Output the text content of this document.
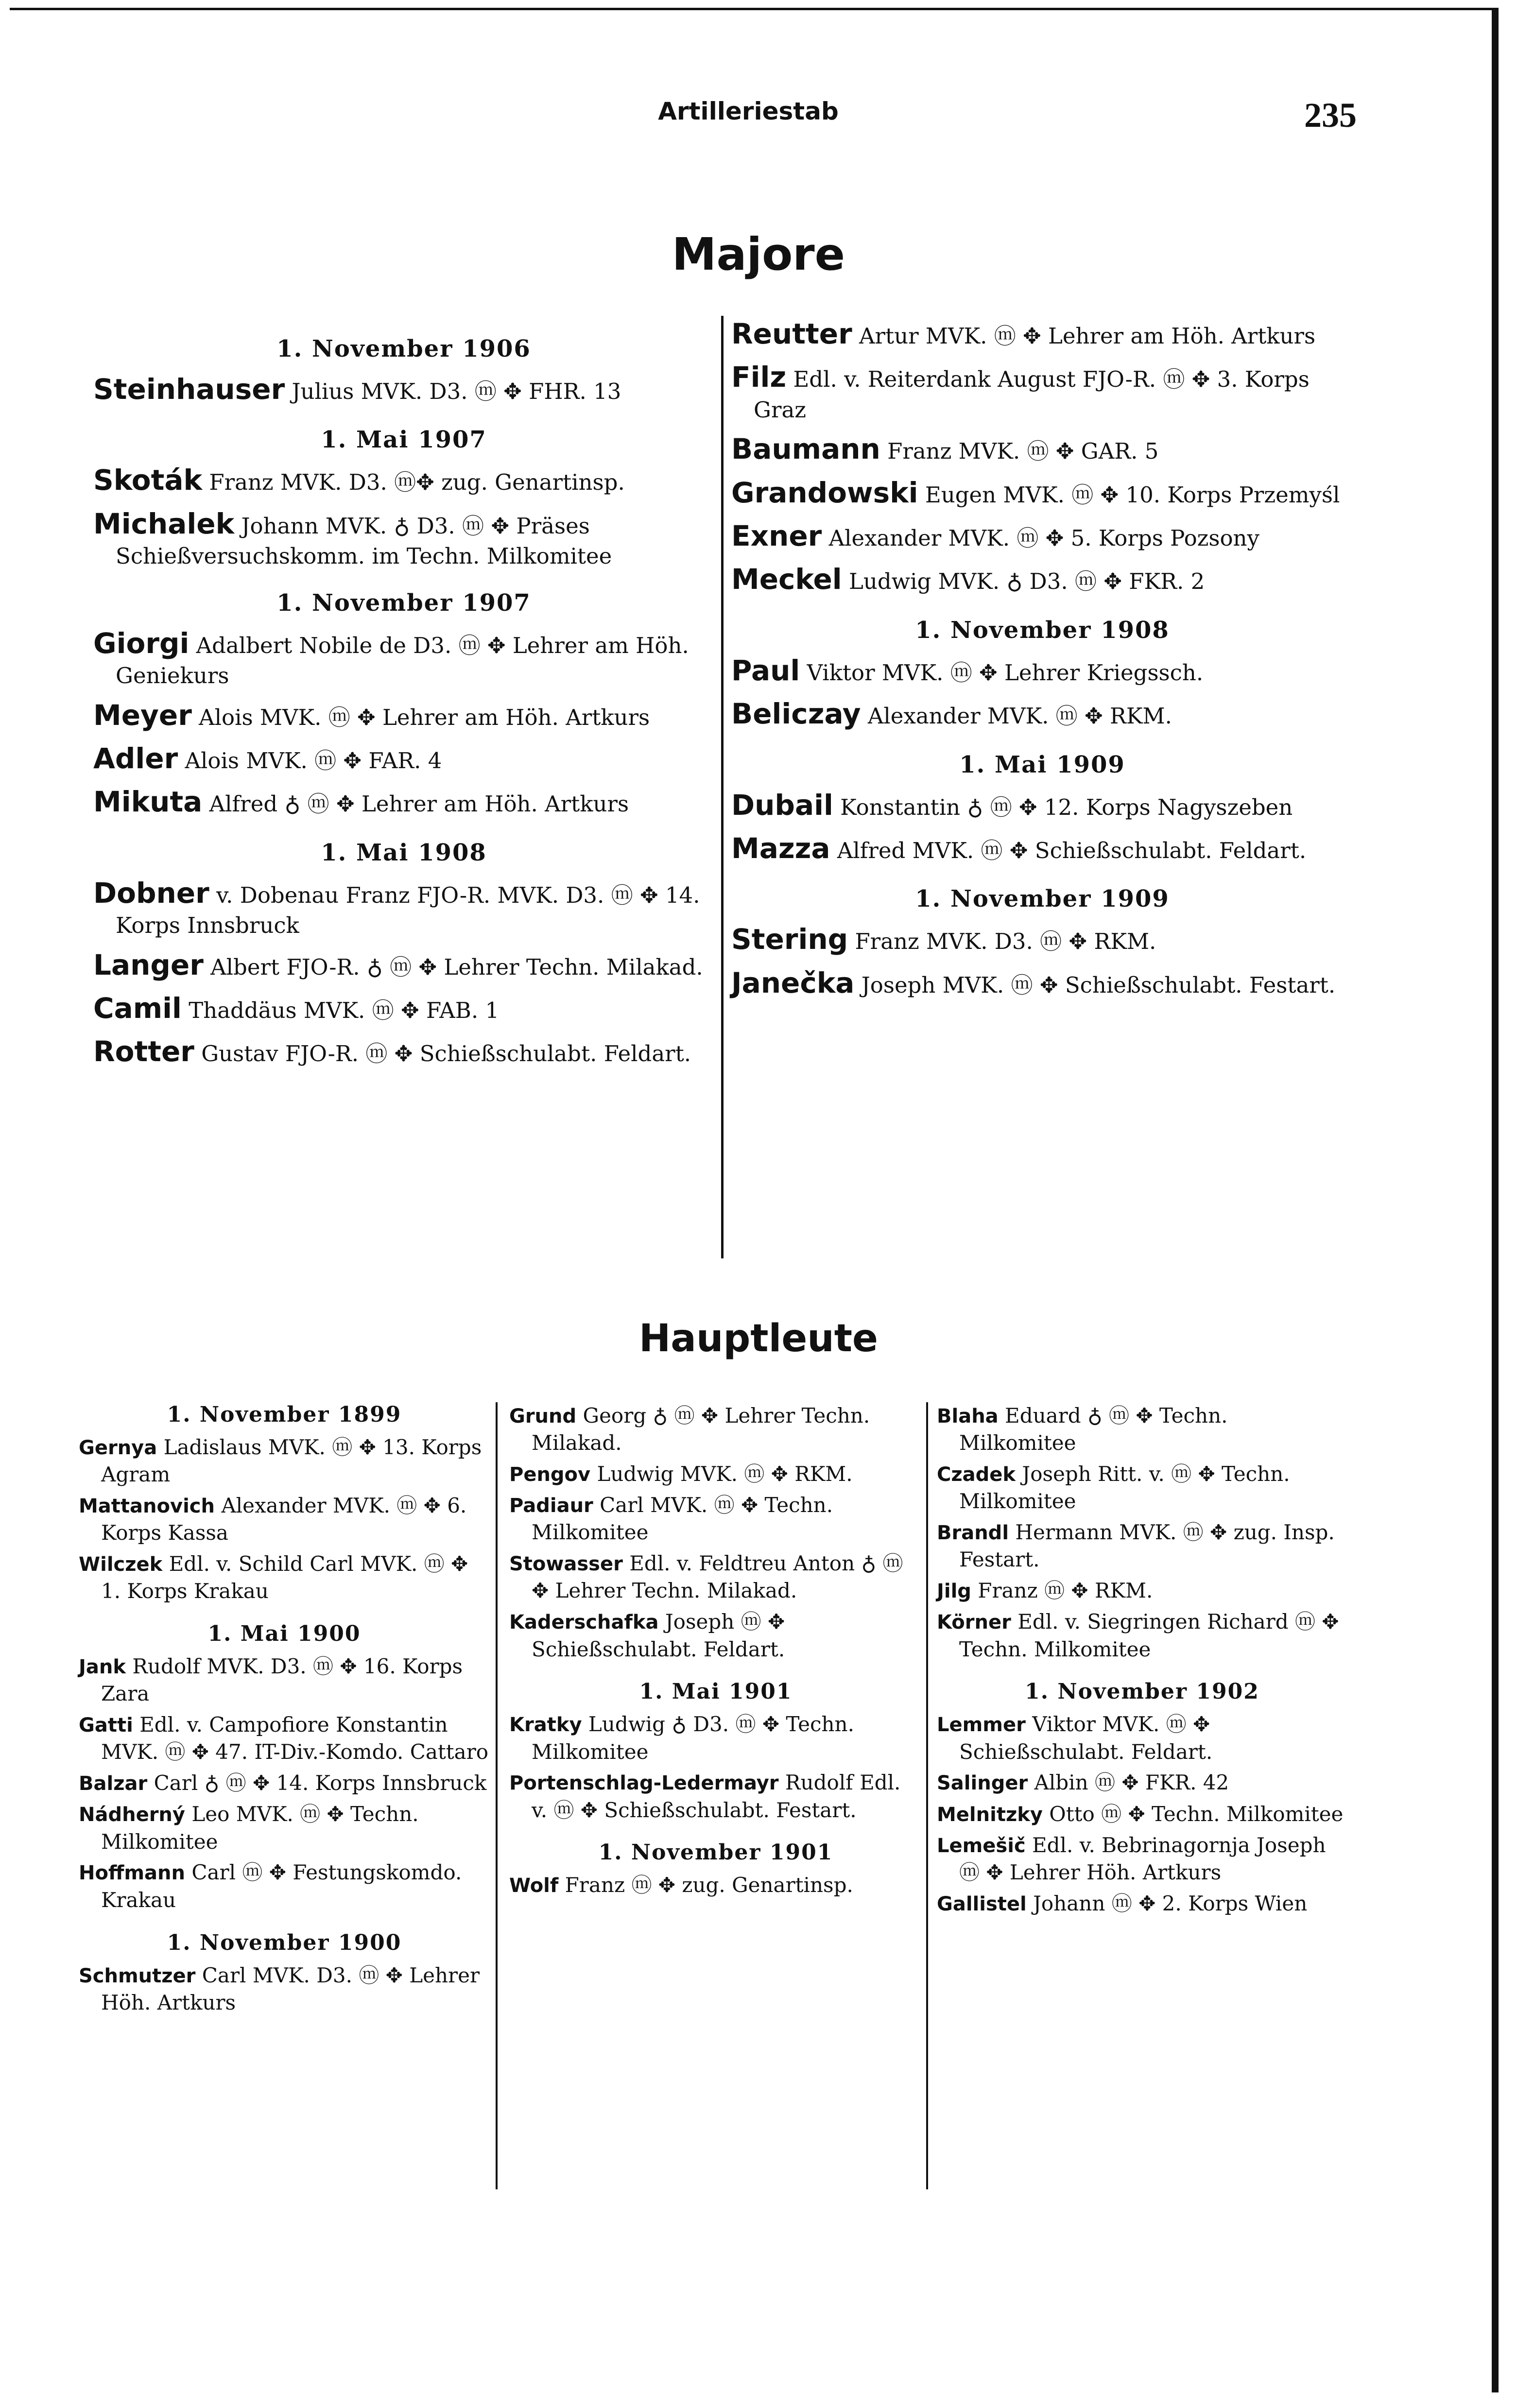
Artilleriestab	235
Majore
1. November 1906
Steinhauser Julius MVK. D3. ⓜ ✥ FHR. 13
1. Mai 1907
Skoták Franz MVK. D3. ⓜ✥ zug. Genartinsp.
Michalek Johann MVK. ♁ D3. ⓜ ✥ Präses Schießversuchskomm. im Techn. Milkomitee
1. November 1907
Giorgi Adalbert Nobile de D3. ⓜ ✥ Lehrer am Höh. Geniekurs
Meyer Alois MVK. ⓜ ✥ Lehrer am Höh. Artkurs
Adler Alois MVK. ⓜ ✥ FAR. 4
Mikuta Alfred ♁ ⓜ ✥ Lehrer am Höh. Artkurs
1. Mai 1908
Dobner v. Dobenau Franz FJO-R. MVK. D3. ⓜ ✥ 14. Korps Innsbruck
Langer Albert FJO-R. ♁ ⓜ ✥ Lehrer Techn. Milakad.
Camil Thaddäus MVK. ⓜ ✥ FAB. 1
Rotter Gustav FJO-R. ⓜ ✥ Schießschulabt. Feldart.
Reutter Artur MVK. ⓜ ✥ Lehrer am Höh. Artkurs
Filz Edl. v. Reiterdank August FJO-R. ⓜ ✥ 3. Korps Graz
Baumann Franz MVK. ⓜ ✥ GAR. 5
Grandowski Eugen MVK. ⓜ ✥ 10. Korps Przemyśl
Exner Alexander MVK. ⓜ ✥ 5. Korps Pozsony
Meckel Ludwig MVK. ♁ D3. ⓜ ✥ FKR. 2
1. November 1908
Paul Viktor MVK. ⓜ ✥ Lehrer Kriegssch.
Beliczay Alexander MVK. ⓜ ✥ RKM.
1. Mai 1909
Dubail Konstantin ♁ ⓜ ✥ 12. Korps Nagyszeben
Mazza Alfred MVK. ⓜ ✥ Schießschulabt. Feldart.
1. November 1909
Stering Franz MVK. D3. ⓜ ✥ RKM.
Janečka Joseph MVK. ⓜ ✥ Schießschulabt. Festart.
Hauptleute
1. November 1899
Gernya Ladislaus MVK. ⓜ ✥ 13. Korps Agram
Mattanovich Alexander MVK. ⓜ ✥ 6. Korps Kassa
Wilczek Edl. v. Schild Carl MVK. ⓜ ✥ 1. Korps Krakau
1. Mai 1900
Jank Rudolf MVK. D3. ⓜ ✥ 16. Korps Zara
Gatti Edl. v. Campofiore Konstantin MVK. ⓜ ✥ 47. IT-Div.-Komdo. Cattaro
Balzar Carl ♁ ⓜ ✥ 14. Korps Innsbruck
Nádherný Leo MVK. ⓜ ✥ Techn. Milkomitee
Hoffmann Carl ⓜ ✥ Festungskomdo. Krakau
1. November 1900
Schmutzer Carl MVK. D3. ⓜ ✥ Lehrer Höh. Artkurs
Grund Georg ♁ ⓜ ✥ Lehrer Techn. Milakad.
Pengov Ludwig MVK. ⓜ ✥ RKM.
Padiaur Carl MVK. ⓜ ✥ Techn. Milkomitee
Stowasser Edl. v. Feldtreu Anton ♁ ⓜ ✥ Lehrer Techn. Milakad.
Kaderschafka Joseph ⓜ ✥ Schießschulabt. Feldart.
1. Mai 1901
Kratky Ludwig ♁ D3. ⓜ ✥ Techn. Milkomitee
Portenschlag-Ledermayr Rudolf Edl. v. ⓜ ✥ Schießschulabt. Festart.
1. November 1901
Wolf Franz ⓜ ✥ zug. Genartinsp.
Blaha Eduard ♁ ⓜ ✥ Techn. Milkomitee
Czadek Joseph Ritt. v. ⓜ ✥ Techn. Milkomitee
Brandl Hermann MVK. ⓜ ✥ zug. Insp. Festart.
Jilg Franz ⓜ ✥ RKM.
Körner Edl. v. Siegringen Richard ⓜ ✥ Techn. Milkomitee
1. November 1902
Lemmer Viktor MVK. ⓜ ✥ Schießschulabt. Feldart.
Salinger Albin ⓜ ✥ FKR. 42
Melnitzky Otto ⓜ ✥ Techn. Milkomitee
Lemešič Edl. v. Bebrinagornja Joseph ⓜ ✥ Lehrer Höh. Artkurs
Gallistel Johann ⓜ ✥ 2. Korps Wien
